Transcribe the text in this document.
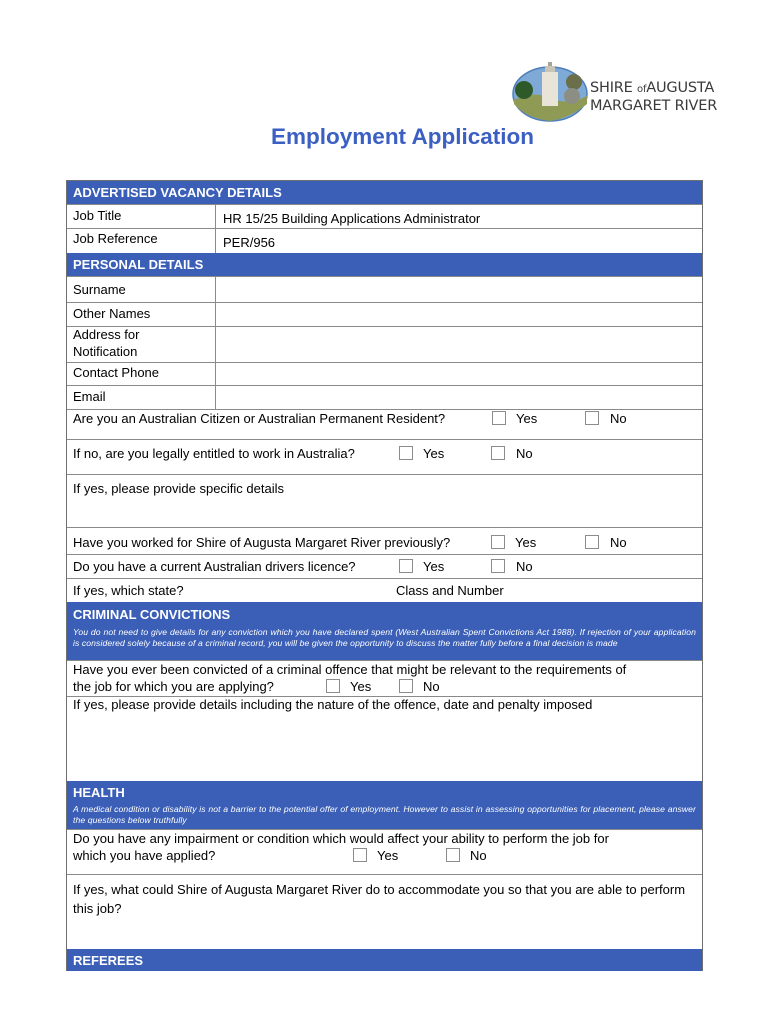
SHIRE ofAUGUSTA
MARGARET RIVER
Employment Application
ADVERTISED VACANCY DETAILS
Job Title	HR 15/25 Building Applications Administrator
Job Reference	PER/956
PERSONAL DETAILS
Surname
Other Names
Address for Notification
Contact Phone
Email
Are you an Australian Citizen or Australian Permanent Resident?	Yes	No
If no, are you legally entitled to work in Australia?	Yes	No
If yes, please provide specific details
Have you worked for Shire of Augusta Margaret River previously?	Yes	No
Do you have a current Australian drivers licence?	Yes	No
If yes, which state?	Class and Number
CRIMINAL CONVICTIONS
You do not need to give details for any conviction which you have declared spent (West Australian Spent Convictions Act 1988). If rejection of your application is considered solely because of a criminal record, you will be given the opportunity to discuss the matter fully before a final decision is made
Have you ever been convicted of a criminal offence that might be relevant to the requirements of
the job for which you are applying?	Yes	No
If yes, please provide details including the nature of the offence, date and penalty imposed
HEALTH
A medical condition or disability is not a barrier to the potential offer of employment. However to assist in assessing opportunities for placement, please answer the questions below truthfully
Do you have any impairment or condition which would affect your ability to perform the job for
which you have applied?	Yes	No
If yes, what could Shire of Augusta Margaret River do to accommodate you so that you are able to perform this job?
REFEREES
